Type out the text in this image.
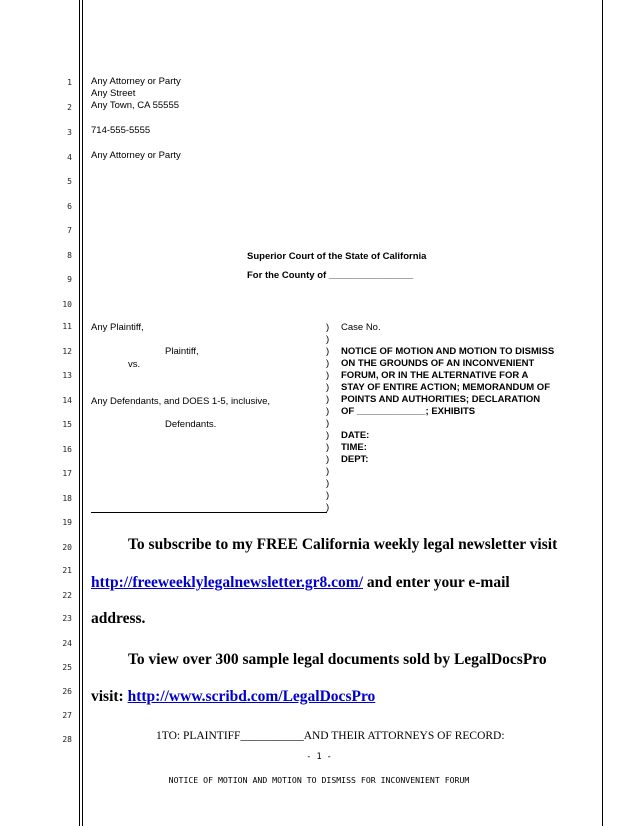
1
2
3
4
5
6
7
8
9
10
11
12
13
14
15
16
17
18
19
20
21
22
23
24
25
26
27
28
Any Attorney or Party
Any Street
Any Town, CA 55555
714-555-5555
Any Attorney or Party
Superior Court of the State of California
For the County of ________________
Any Plaintiff,
Plaintiff,
vs.
Any Defendants, and DOES 1-5, inclusive,
Defendants.
)
)
)
)
)
)
)
)
)
)
)
)
)
)
)
)
Case No.
NOTICE OF MOTION AND MOTION TO DISMISS
ON THE GROUNDS OF AN INCONVENIENT
FORUM, OR IN THE ALTERNATIVE FOR A
STAY OF ENTIRE ACTION; MEMORANDUM OF
POINTS AND AUTHORITIES; DECLARATION
OF _____________; EXHIBITS
DATE:
TIME:
DEPT:
To subscribe to my FREE California weekly legal newsletter visit
http://freeweeklylegalnewsletter.gr8.com/ and enter your e-mail
address.
To view over 300 sample legal documents sold by LegalDocsPro
visit: http://www.scribd.com/LegalDocsPro
1TO: PLAINTIFF___________AND THEIR ATTORNEYS OF RECORD:
- 1 -
NOTICE OF MOTION AND MOTION TO DISMISS FOR INCONVENIENT FORUM
